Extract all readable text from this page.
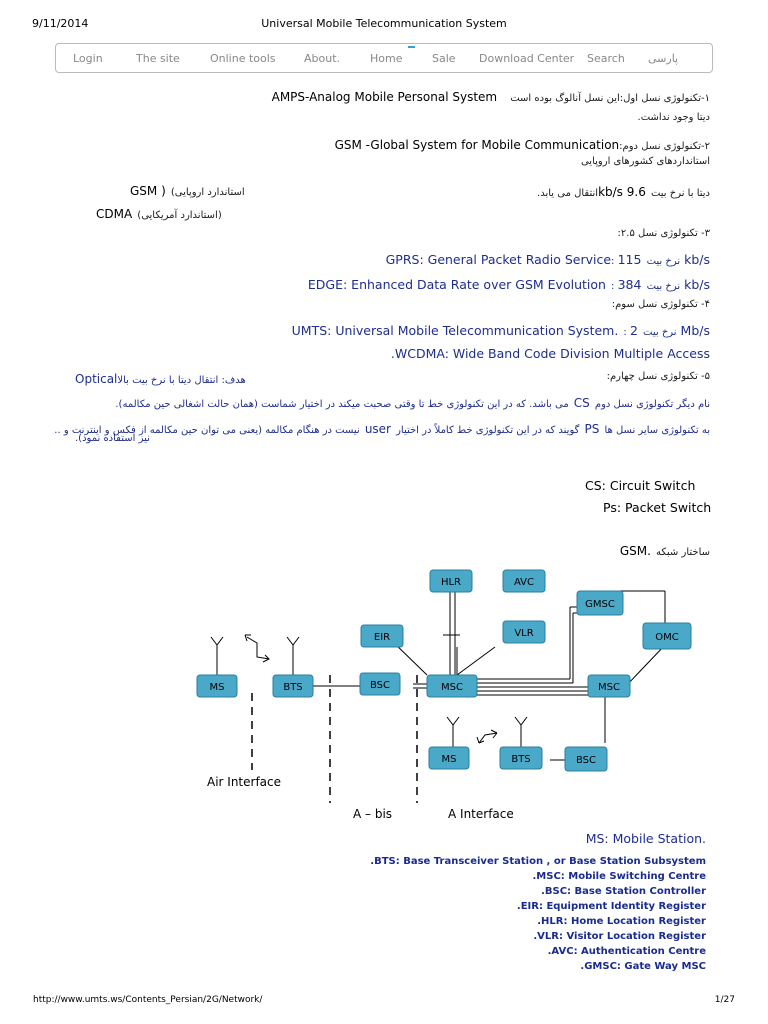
9/11/2014	Universal Mobile Telecommunication System
Login	The site	Online tools	About.	Home	Sale Download Center Search پارسی
۱-تکنولوژی نسل اول:این نسل آنالوگ بوده است AMPS-Analog Mobile Personal System
دیتا وجود نداشت.
۲-تکنولوژی نسل دوم:GSM -Global System for Mobile Communication
استانداردهای کشورهای اروپایی
GSM ) (استاندارد اروپایی	دیتا با نرخ بیت 9.6 kb/sانتقال می یابد.
CDMA (استاندارد آمریکایی)
۳- تکنولوژی نسل ۲.۵:
GPRS: General Packet Radio Service: نرخ بیت 115 kb/s
EDGE: Enhanced Data Rate over GSM Evolution : نرخ بیت 384 kb/s
۴- تکنولوژی نسل سوم:
UMTS: Universal Mobile Telecommunication System. : نرخ بیت 2 Mb/s
.WCDMA: Wide Band Code Division Multiple Access
۵- تکنولوژی نسل چهارم:
هدف: انتقال دیتا با نرخ بیت بالاOptical
نام دیگر تکنولوژی نسل دوم CS می باشد. که در این تکنولوژی خط تا وقتی صحبت میکند در اختیار شماست (همان حالت اشغالی حین مکالمه).
به تکنولوژی سایر نسل ها PS گویند که در این تکنولوژی خط کاملاً در اختیار user نیست در هنگام مکالمه (یعنی می توان حین مکالمه از فکس و اینترنت و ..
نیز استفاده نمود).
CS: Circuit Switch
Ps: Packet Switch
ساختار شبکه .GSM
HLR	AVC
GMSC
EIR	VLR	OMC
MS	BTS	BSC	MSC	MSC
MS	BTS	BSC
Air Interface
A – bis	A Interface
MS: Mobile Station.
.BTS: Base Transceiver Station , or Base Station Subsystem
.MSC: Mobile Switching Centre
.BSC: Base Station Controller
.EIR: Equipment Identity Register
.HLR: Home Location Register
.VLR: Visitor Location Register
.AVC: Authentication Centre
.GMSC: Gate Way MSC
http://www.umts.ws/Contents_Persian/2G/Network/	1/27
